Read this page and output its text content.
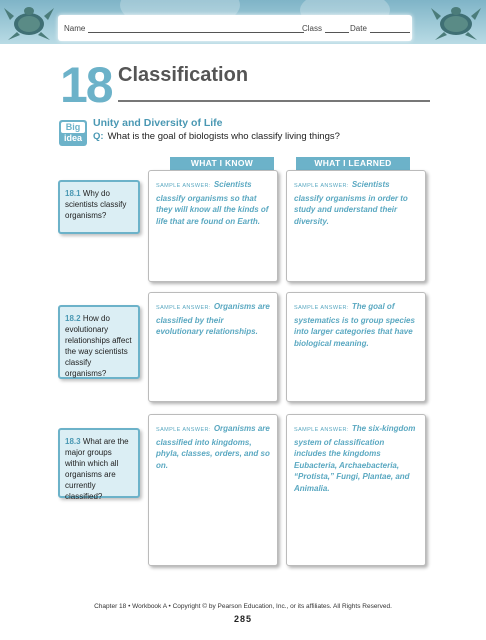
Name	Class	Date
18 Classification
Big
idea
Unity and Diversity of Life
Q: What is the goal of biologists who classify living things?
WHAT I KNOW	WHAT I LEARNED
18.1 Why do scientists classify organisms?
SAMPLE ANSWER: Scientists classify organisms so that they will know all the kinds of life that are found on Earth.
SAMPLE ANSWER: Scientists classify organisms in order to study and understand their diversity.
18.2 How do evolutionary relationships affect the way scientists classify organisms?
SAMPLE ANSWER: Organisms are classified by their evolutionary relationships.
SAMPLE ANSWER: The goal of systematics is to group species into larger categories that have biological meaning.
18.3 What are the major groups within which all organisms are currently classified?
SAMPLE ANSWER: Organisms are classified into kingdoms, phyla, classes, orders, and so on.
SAMPLE ANSWER: The six-kingdom system of classification includes the kingdoms Eubacteria, Archaebacteria, “Protista,” Fungi, Plantae, and Animalia.
Chapter 18 • Workbook A • Copyright © by Pearson Education, Inc., or its affiliates. All Rights Reserved.
285
